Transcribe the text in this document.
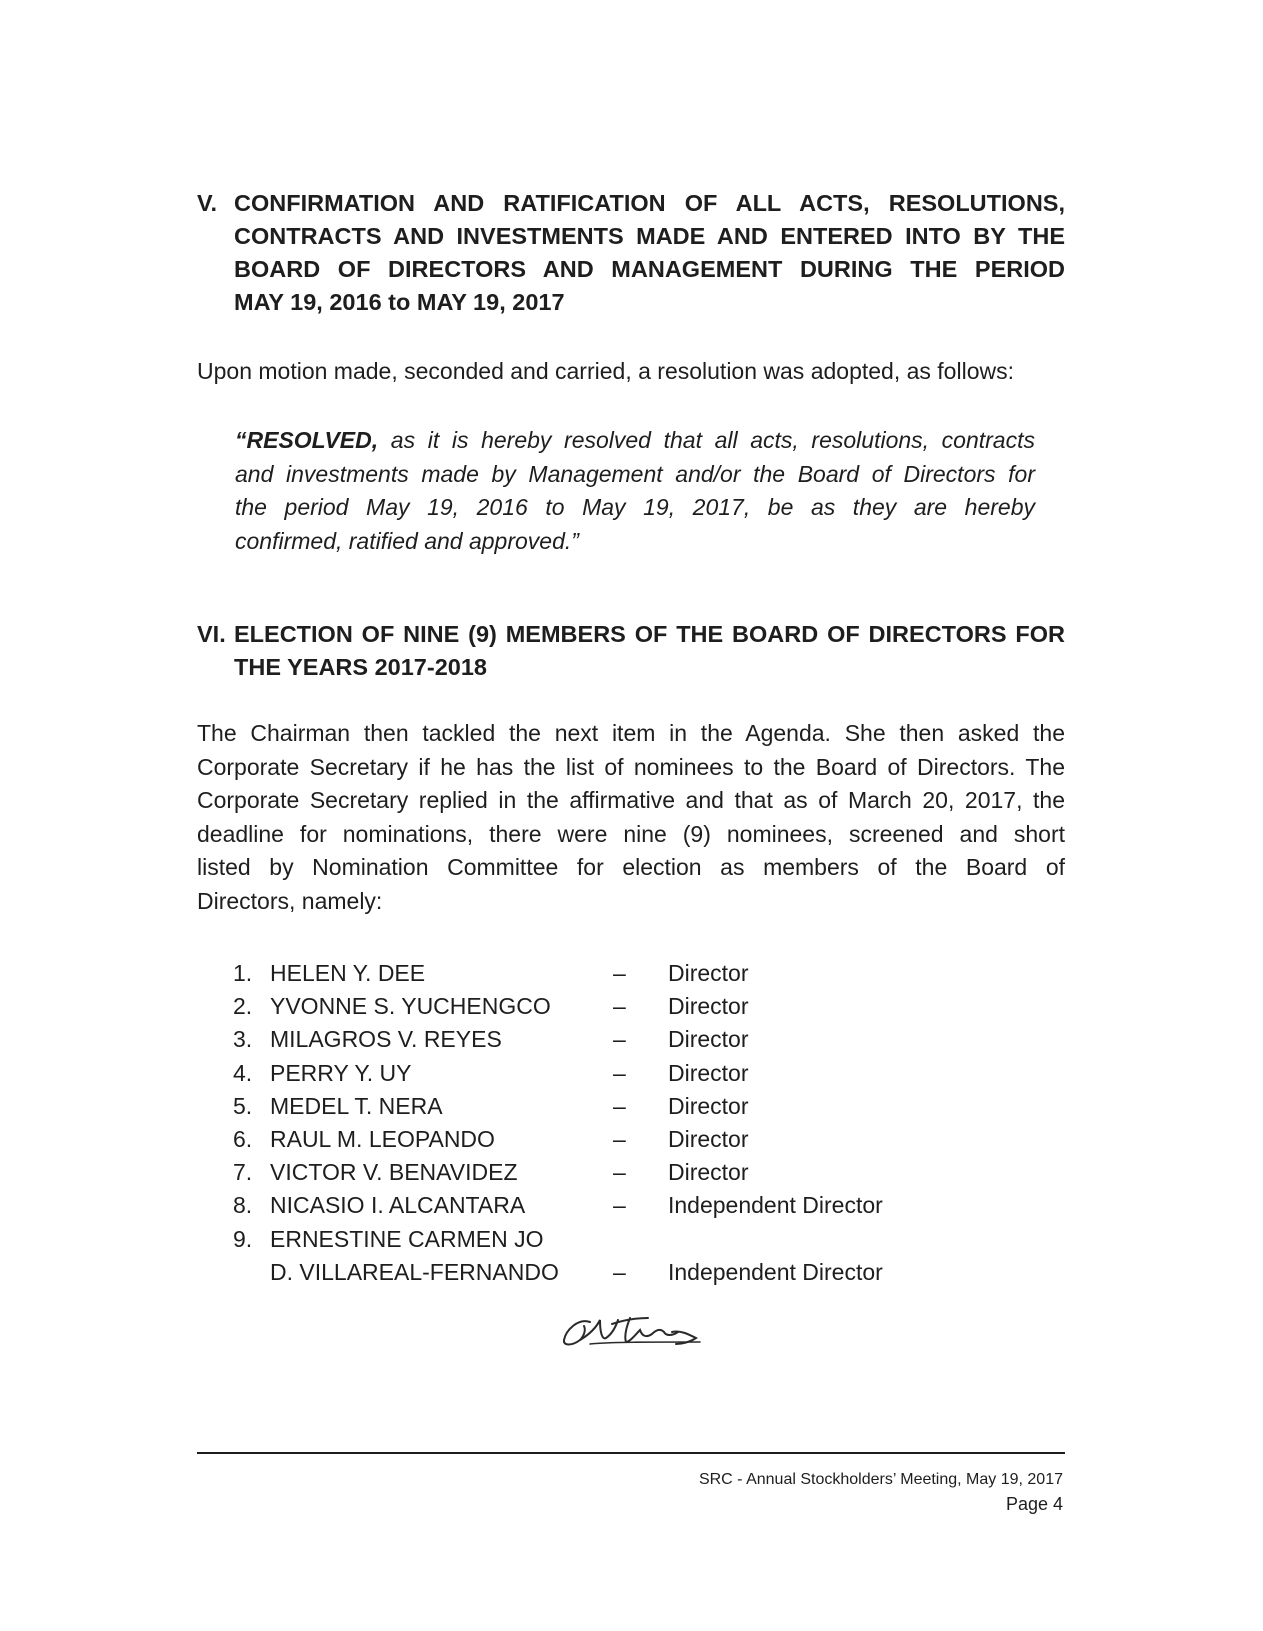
V. CONFIRMATION AND RATIFICATION OF ALL ACTS, RESOLUTIONS,
CONTRACTS AND INVESTMENTS MADE AND ENTERED INTO BY THE
BOARD OF DIRECTORS AND MANAGEMENT DURING THE PERIOD
MAY 19, 2016 to MAY 19, 2017
Upon motion made, seconded and carried, a resolution was adopted, as follows:
“RESOLVED, as it is hereby resolved that all acts, resolutions, contracts
and investments made by Management and/or the Board of Directors for
the period May 19, 2016 to May 19, 2017, be as they are hereby
confirmed, ratified and approved.”
VI. ELECTION OF NINE (9) MEMBERS OF THE BOARD OF DIRECTORS FOR
THE YEARS 2017-2018
The Chairman then tackled the next item in the Agenda. She then asked the
Corporate Secretary if he has the list of nominees to the Board of Directors. The
Corporate Secretary replied in the affirmative and that as of March 20, 2017, the
deadline for nominations, there were nine (9) nominees, screened and short
listed by Nomination Committee for election as members of the Board of
Directors, namely:
1. HELEN Y. DEE	– Director
2. YVONNE S. YUCHENGCO	– Director
3. MILAGROS V. REYES	– Director
4. PERRY Y. UY	– Director
5. MEDEL T. NERA	– Director
6. RAUL M. LEOPANDO	– Director
7. VICTOR V. BENAVIDEZ	– Director
8. NICASIO I. ALCANTARA	– Independent Director
9. ERNESTINE CARMEN JO
D. VILLAREAL-FERNANDO – Independent Director
SRC - Annual Stockholders’ Meeting, May 19, 2017
Page 4
